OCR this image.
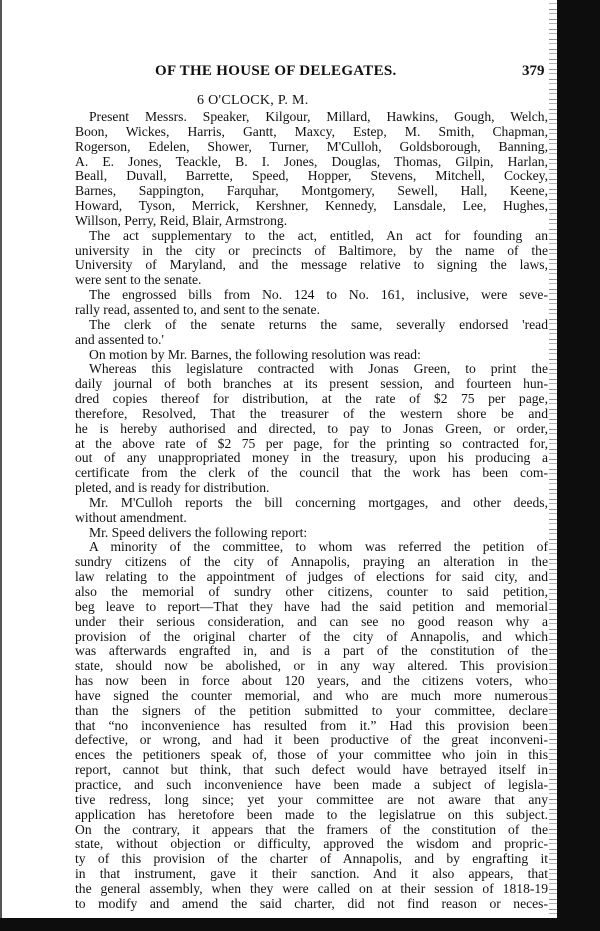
OF THE HOUSE OF DELEGATES.	379
6 O'CLOCK, P. M.
Present Messrs. Speaker, Kilgour, Millard, Hawkins, Gough, Welch,
Boon, Wickes, Harris, Gantt, Maxcy, Estep, M. Smith, Chapman,
Rogerson, Edelen, Shower, Turner, M'Culloh, Goldsborough, Banning,
A. E. Jones, Teackle, B. I. Jones, Douglas, Thomas, Gilpin, Harlan,
Beall, Duvall, Barrette, Speed, Hopper, Stevens, Mitchell, Cockey,
Barnes, Sappington, Farquhar, Montgomery, Sewell, Hall, Keene,
Howard, Tyson, Merrick, Kershner, Kennedy, Lansdale, Lee, Hughes,
Willson, Perry, Reid, Blair, Armstrong.
The act supplementary to the act, entitled, An act for founding an
university in the city or precincts of Baltimore, by the name of the
University of Maryland, and the message relative to signing the laws,
were sent to the senate.
The engrossed bills from No. 124 to No. 161, inclusive, were seve-
rally read, assented to, and sent to the senate.
The clerk of the senate returns the same, severally endorsed 'read
and assented to.'
On motion by Mr. Barnes, the following resolution was read:
Whereas this legislature contracted with Jonas Green, to print the
daily journal of both branches at its present session, and fourteen hun-
dred copies thereof for distribution, at the rate of $2 75 per page,
therefore, Resolved, That the treasurer of the western shore be and
he is hereby authorised and directed, to pay to Jonas Green, or order,
at the above rate of $2 75 per page, for the printing so contracted for,
out of any unappropriated money in the treasury, upon his producing a
certificate from the clerk of the council that the work has been com-
pleted, and is ready for distribution.
Mr. M'Culloh reports the bill concerning mortgages, and other deeds,
without amendment.
Mr. Speed delivers the following report:
A minority of the committee, to whom was referred the petition of
sundry citizens of the city of Annapolis, praying an alteration in the
law relating to the appointment of judges of elections for said city, and
also the memorial of sundry other citizens, counter to said petition,
beg leave to report—That they have had the said petition and memorial
under their serious consideration, and can see no good reason why a
provision of the original charter of the city of Annapolis, and which
was afterwards engrafted in, and is a part of the constitution of the
state, should now be abolished, or in any way altered. This provision
has now been in force about 120 years, and the citizens voters, who
have signed the counter memorial, and who are much more numerous
than the signers of the petition submitted to your committee, declare
that “no inconvenience has resulted from it.” Had this provision been
defective, or wrong, and had it been productive of the great inconveni-
ences the petitioners speak of, those of your committee who join in this
report, cannot but think, that such defect would have betrayed itself in
practice, and such inconvenience have been made a subject of legisla-
tive redress, long since; yet your committee are not aware that any
application has heretofore been made to the legislatrue on this subject.
On the contrary, it appears that the framers of the constitution of the
state, without objection or difficulty, approved the wisdom and propric-
ty of this provision of the charter of Annapolis, and by engrafting it
in that instrument, gave it their sanction. And it also appears, that
the general assembly, when they were called on at their session of 1818-19
to modify and amend the said charter, did not find reason or neces-
